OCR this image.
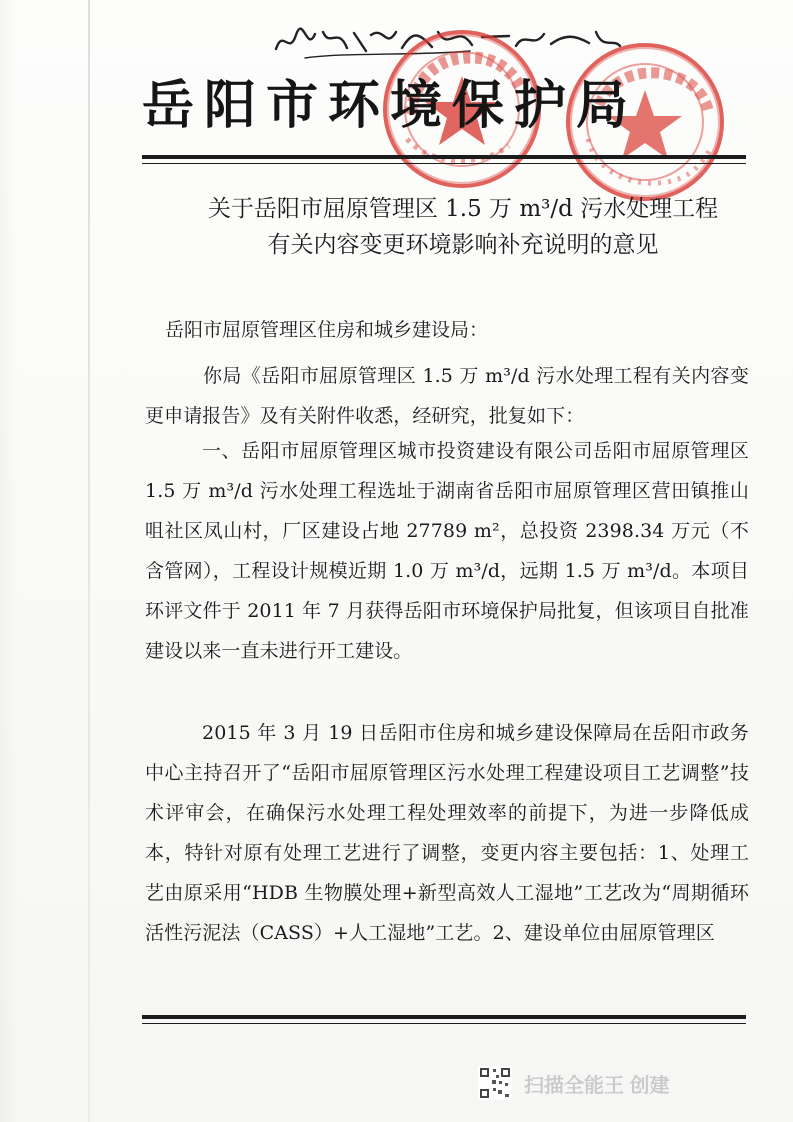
岳阳市环境保护局
关于岳阳市屈原管理区 1.5 万 m³/d 污水处理工程
有关内容变更环境影响补充说明的意见
岳阳市屈原管理区住房和城乡建设局：
你局《岳阳市屈原管理区 1.5 万 m³/d 污水处理工程有关内容变更申请报告》及有关附件收悉，经研究，批复如下：
一、岳阳市屈原管理区城市投资建设有限公司岳阳市屈原管理区 1.5 万 m³/d 污水处理工程选址于湖南省岳阳市屈原管理区营田镇推山咀社区凤山村，厂区建设占地 27789 m²，总投资 2398.34 万元（不含管网），工程设计规模近期 1.0 万 m³/d，远期 1.5 万 m³/d。本项目环评文件于 2011 年 7 月获得岳阳市环境保护局批复，但该项目自批准建设以来一直未进行开工建设。
2015 年 3 月 19 日岳阳市住房和城乡建设保障局在岳阳市政务中心主持召开了“岳阳市屈原管理区污水处理工程建设项目工艺调整”技术评审会，在确保污水处理工程处理效率的前提下，为进一步降低成本，特针对原有处理工艺进行了调整，变更内容主要包括：1、处理工艺由原采用“HDB 生物膜处理+新型高效人工湿地”工艺改为“周期循环活性污泥法（CASS）+人工湿地”工艺。2、建设单位由屈原管理区
扫描全能王 创建
